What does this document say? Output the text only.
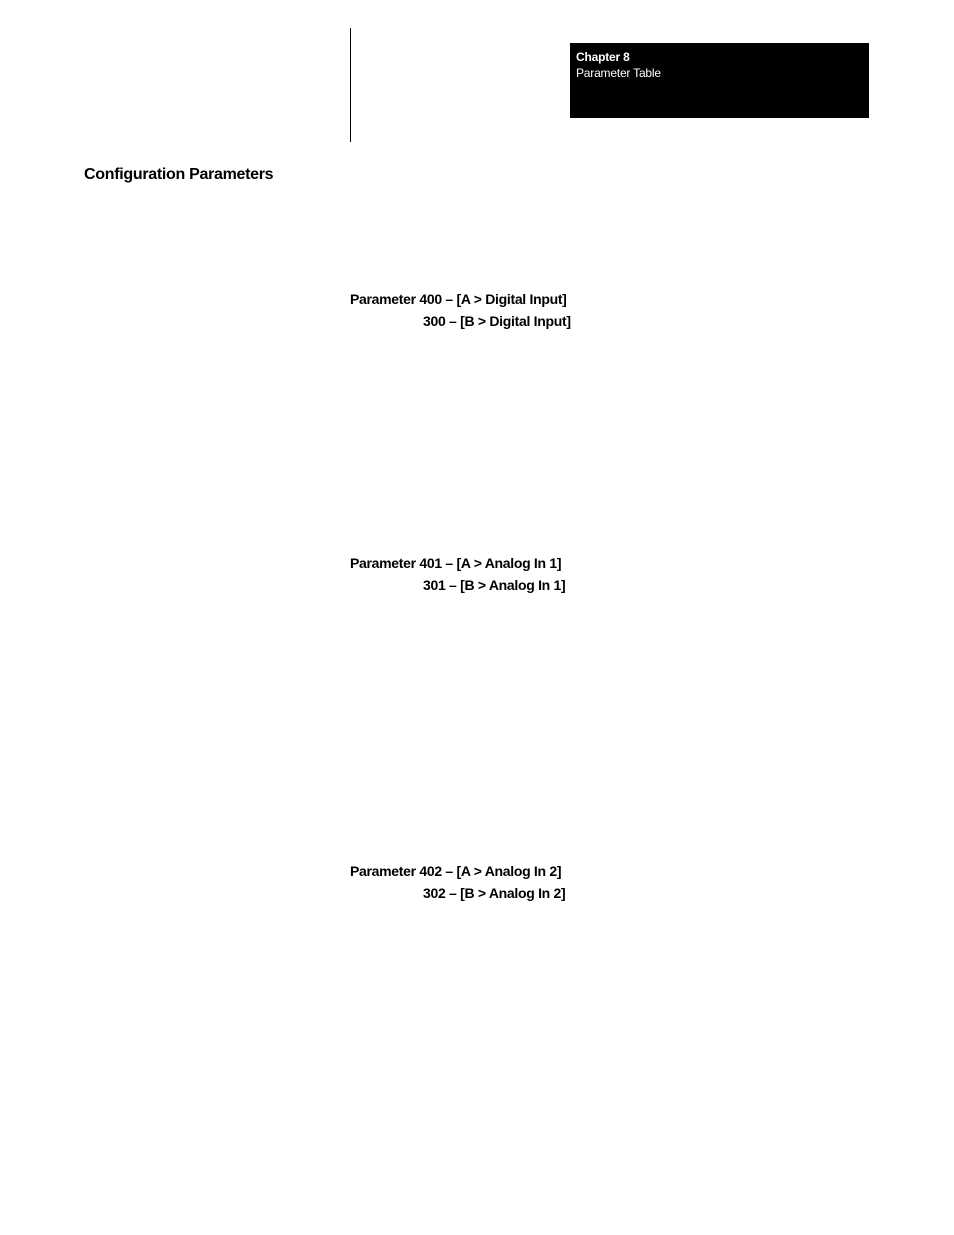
Chapter 8
Parameter Table
Configuration Parameters
Parameter 400 – [A > Digital Input]
300 – [B > Digital Input]
Parameter 401 – [A > Analog In 1]
301 – [B > Analog In 1]
Parameter 402 – [A > Analog In 2]
302 – [B > Analog In 2]
